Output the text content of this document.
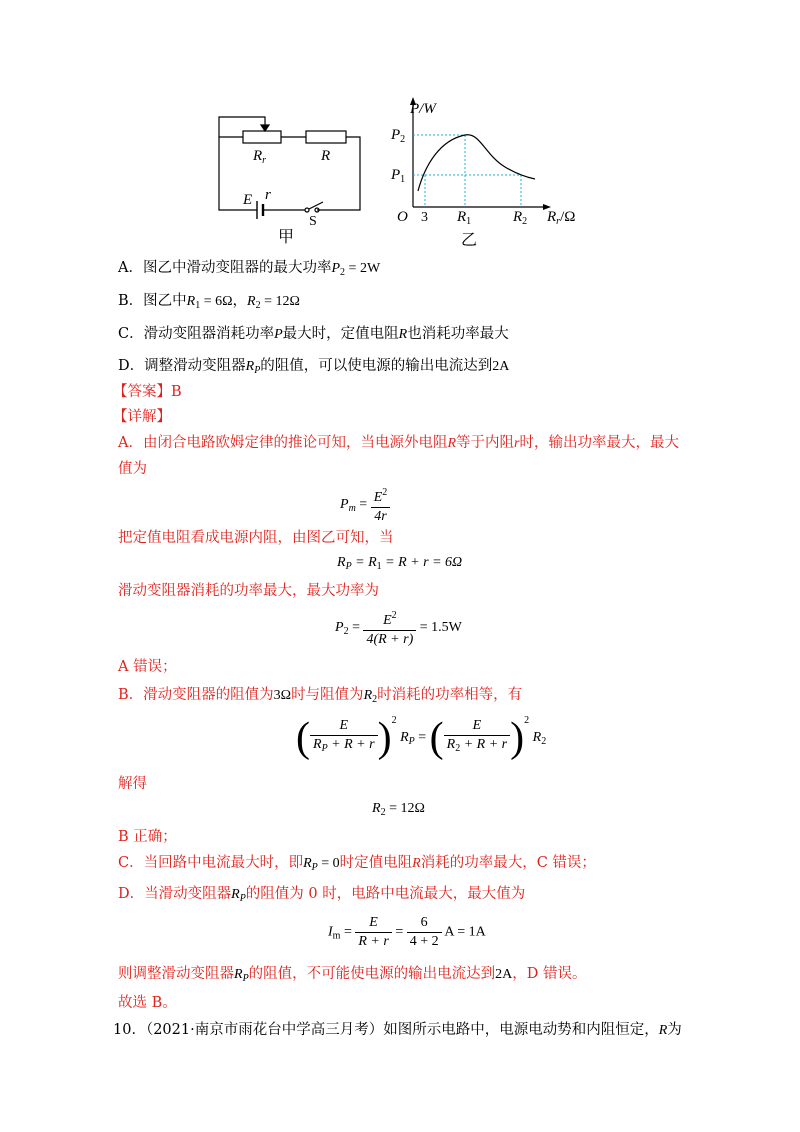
$R_r$	R
E r
S
甲
P/W
$P_2$
$P_1$
O 3 $R_1$	$R_2$ $R_r/\Omega$
乙
A．图乙中滑动变阻器的最大功率$P_2 = 2W$
B．图乙中$R_1 = 6\Omega$，$R_2 = 12\Omega$
C．滑动变阻器消耗功率P最大时，定值电阻R也消耗功率最大
D．调整滑动变阻器$R_P$的阻值，可以使电源的输出电流达到2A
【答案】B
【详解】
A．由闭合电路欧姆定律的推论可知，当电源外电阻R等于内阻r时，输出功率最大，最大
值为
$P_m = \frac{E^2}{4r}$
把定值电阻看成电源内阻，由图乙可知，当
$R_P = R_1 = R + r = 6\Omega$
滑动变阻器消耗的功率最大，最大功率为
$P_2 = \frac{E^2}{4(R + r)} = 1.5W$
A 错误；
B．滑动变阻器的阻值为3Ω时与阻值为$R_2$时消耗的功率相等，有
( $\frac{E}{R_P + R + r} )^2$ $R_P$ = ( $\frac{E}{R_2 + R + r} )^2$ $R_2$
解得
$R_2 = 12\Omega$
B 正确；
C．当回路中电流最大时，即$R_P = 0$时定值电阻R消耗的功率最大，C 错误；
D．当滑动变阻器$R_P$的阻值为 0 时，电路中电流最大，最大值为
$I_m = \frac{E}{R + r} = \frac{6}{4 + 2}$ A = 1A
则调整滑动变阻器$R_P$的阻值，不可能使电源的输出电流达到2A，D 错误。
故选 B。
10．（2021·南京市雨花台中学高三月考）如图所示电路中，电源电动势和内阻恒定，R为
